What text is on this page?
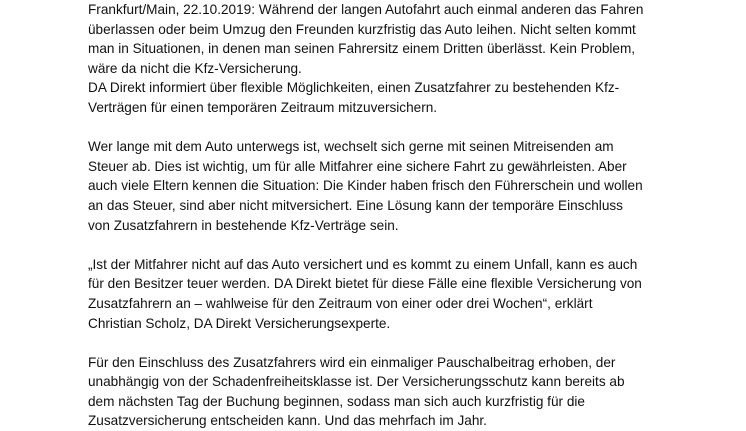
Frankfurt/Main, 22.10.2019: Während der langen Autofahrt auch einmal anderen das Fahren
überlassen oder beim Umzug den Freunden kurzfristig das Auto leihen. Nicht selten kommt
man in Situationen, in denen man seinen Fahrersitz einem Dritten überlässt. Kein Problem,
wäre da nicht die Kfz-Versicherung.
DA Direkt informiert über flexible Möglichkeiten, einen Zusatzfahrer zu bestehenden Kfz-
Verträgen für einen temporären Zeitraum mitzuversichern.
Wer lange mit dem Auto unterwegs ist, wechselt sich gerne mit seinen Mitreisenden am
Steuer ab. Dies ist wichtig, um für alle Mitfahrer eine sichere Fahrt zu gewährleisten. Aber
auch viele Eltern kennen die Situation: Die Kinder haben frisch den Führerschein und wollen
an das Steuer, sind aber nicht mitversichert. Eine Lösung kann der temporäre Einschluss
von Zusatzfahrern in bestehende Kfz-Verträge sein.
„Ist der Mitfahrer nicht auf das Auto versichert und es kommt zu einem Unfall, kann es auch
für den Besitzer teuer werden. DA Direkt bietet für diese Fälle eine flexible Versicherung von
Zusatzfahrern an – wahlweise für den Zeitraum von einer oder drei Wochen“, erklärt
Christian Scholz, DA Direkt Versicherungsexperte.
Für den Einschluss des Zusatzfahrers wird ein einmaliger Pauschalbeitrag erhoben, der
unabhängig von der Schadenfreiheitsklasse ist. Der Versicherungsschutz kann bereits ab
dem nächsten Tag der Buchung beginnen, sodass man sich auch kurzfristig für die
Zusatzversicherung entscheiden kann. Und das mehrfach im Jahr.
